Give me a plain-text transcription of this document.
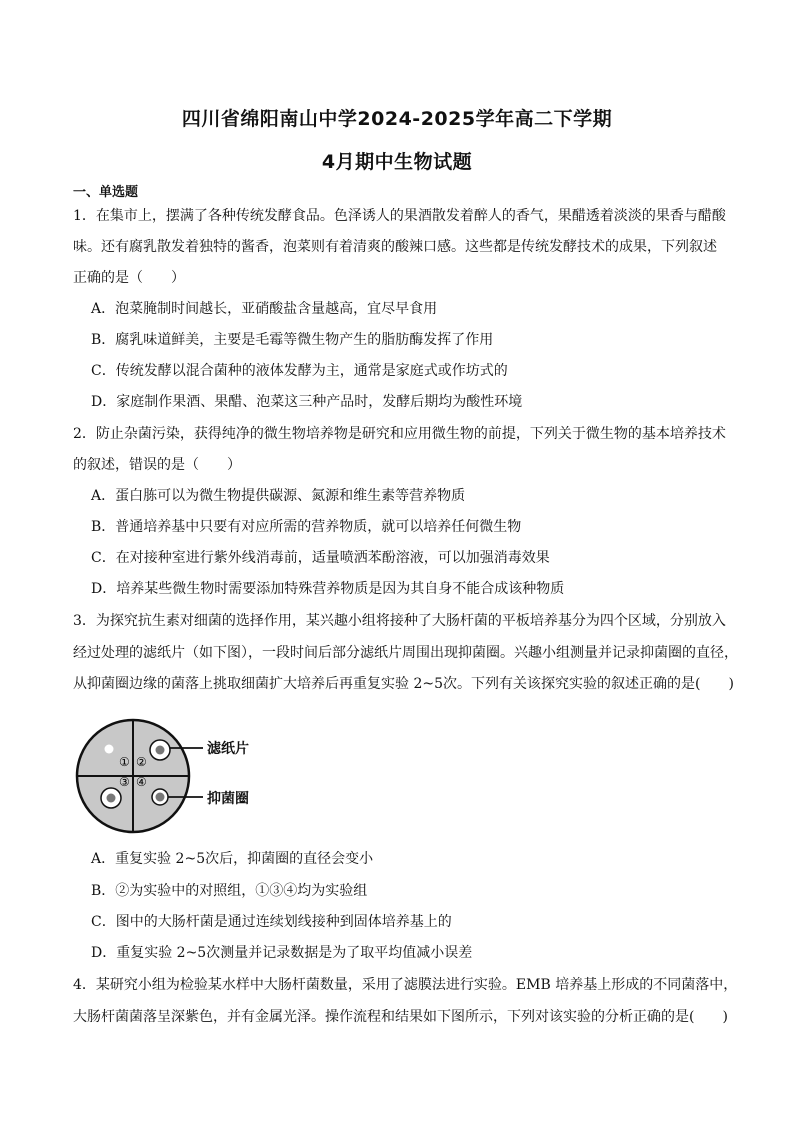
四川省绵阳南山中学2024-2025学年高二下学期
4月期中生物试题
一、单选题
1．在集市上，摆满了各种传统发酵食品。色泽诱人的果酒散发着醉人的香气，果醋透着淡淡的果香与醋酸
味。还有腐乳散发着独特的酱香，泡菜则有着清爽的酸辣口感。这些都是传统发酵技术的成果，下列叙述
正确的是（　　）
A．泡菜腌制时间越长，亚硝酸盐含量越高，宜尽早食用
B．腐乳味道鲜美，主要是毛霉等微生物产生的脂肪酶发挥了作用
C．传统发酵以混合菌种的液体发酵为主，通常是家庭式或作坊式的
D．家庭制作果酒、果醋、泡菜这三种产品时，发酵后期均为酸性环境
2．防止杂菌污染，获得纯净的微生物培养物是研究和应用微生物的前提，下列关于微生物的基本培养技术
的叙述，错误的是（　　）
A．蛋白胨可以为微生物提供碳源、氮源和维生素等营养物质
B．普通培养基中只要有对应所需的营养物质，就可以培养任何微生物
C．在对接种室进行紫外线消毒前，适量喷洒苯酚溶液，可以加强消毒效果
D．培养某些微生物时需要添加特殊营养物质是因为其自身不能合成该种物质
3．为探究抗生素对细菌的选择作用，某兴趣小组将接种了大肠杆菌的平板培养基分为四个区域，分别放入
经过处理的滤纸片（如下图），一段时间后部分滤纸片周围出现抑菌圈。兴趣小组测量并记录抑菌圈的直径，
从抑菌圈边缘的菌落上挑取细菌扩大培养后再重复实验 2~5次。下列有关该探究实验的叙述正确的是(　　)
① ②
③ ④
滤纸片
抑菌圈
A．重复实验 2~5次后，抑菌圈的直径会变小
B．②为实验中的对照组，①③④均为实验组
C．图中的大肠杆菌是通过连续划线接种到固体培养基上的
D．重复实验 2~5次测量并记录数据是为了取平均值减小误差
4．某研究小组为检验某水样中大肠杆菌数量，采用了滤膜法进行实验。EMB 培养基上形成的不同菌落中，
大肠杆菌菌落呈深紫色，并有金属光泽。操作流程和结果如下图所示，下列对该实验的分析正确的是(　　)
